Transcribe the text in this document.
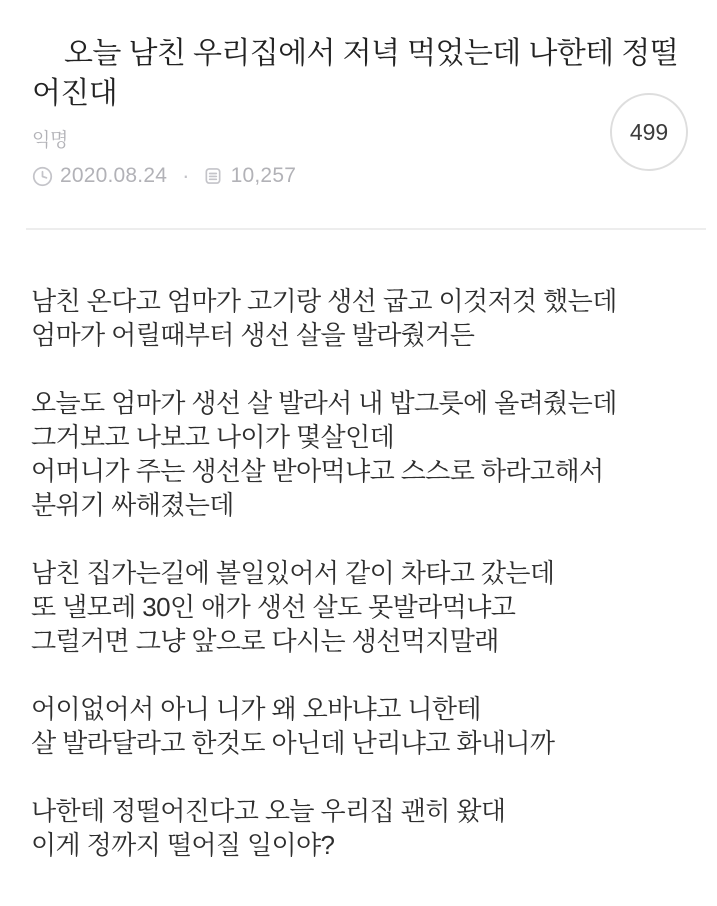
오늘 남친 우리집에서 저녁 먹었는데 나한테 정떨어진대
익명
2020.08.24 · 10,257
499

남친 온다고 엄마가 고기랑 생선 굽고 이것저것 했는데
엄마가 어릴때부터 생선 살을 발라줬거든

오늘도 엄마가 생선 살 발라서 내 밥그릇에 올려줬는데
그거보고 나보고 나이가 몇살인데
어머니가 주는 생선살 받아먹냐고 스스로 하라고해서
분위기 싸해졌는데

남친 집가는길에 볼일있어서 같이 차타고 갔는데
또 낼모레 30인 애가 생선 살도 못발라먹냐고
그럴거면 그냥 앞으로 다시는 생선먹지말래

어이없어서 아니 니가 왜 오바냐고 니한테
살 발라달라고 한것도 아닌데 난리냐고 화내니까

나한테 정떨어진다고 오늘 우리집 괜히 왔대
이게 정까지 떨어질 일이야?
